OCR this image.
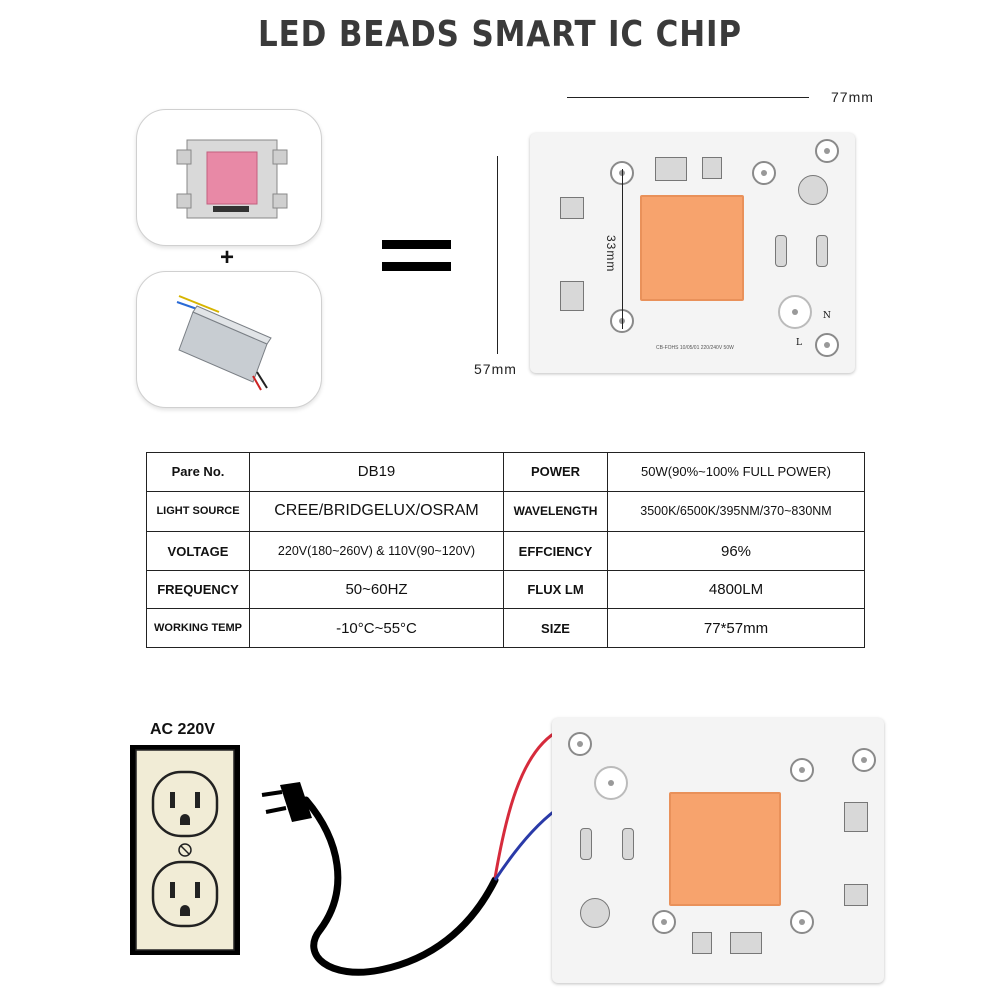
LED BEADS SMART IC CHIP
+
77mm
57mm
33mm
N
L
CB-FOHS 10/05/01 220/240V 50W
Pare No.	DB19	POWER	50W(90%~100% FULL POWER)
LIGHT SOURCE	CREE/BRIDGELUX/OSRAM	WAVELENGTH	3500K/6500K/395NM/370~830NM
VOLTAGE	220V(180~260V) & 110V(90~120V)	EFFCIENCY	96%
FREQUENCY	50~60HZ	FLUX LM	4800LM
WORKING TEMP	-10°C~55°C	SIZE	77*57mm
AC 220V
